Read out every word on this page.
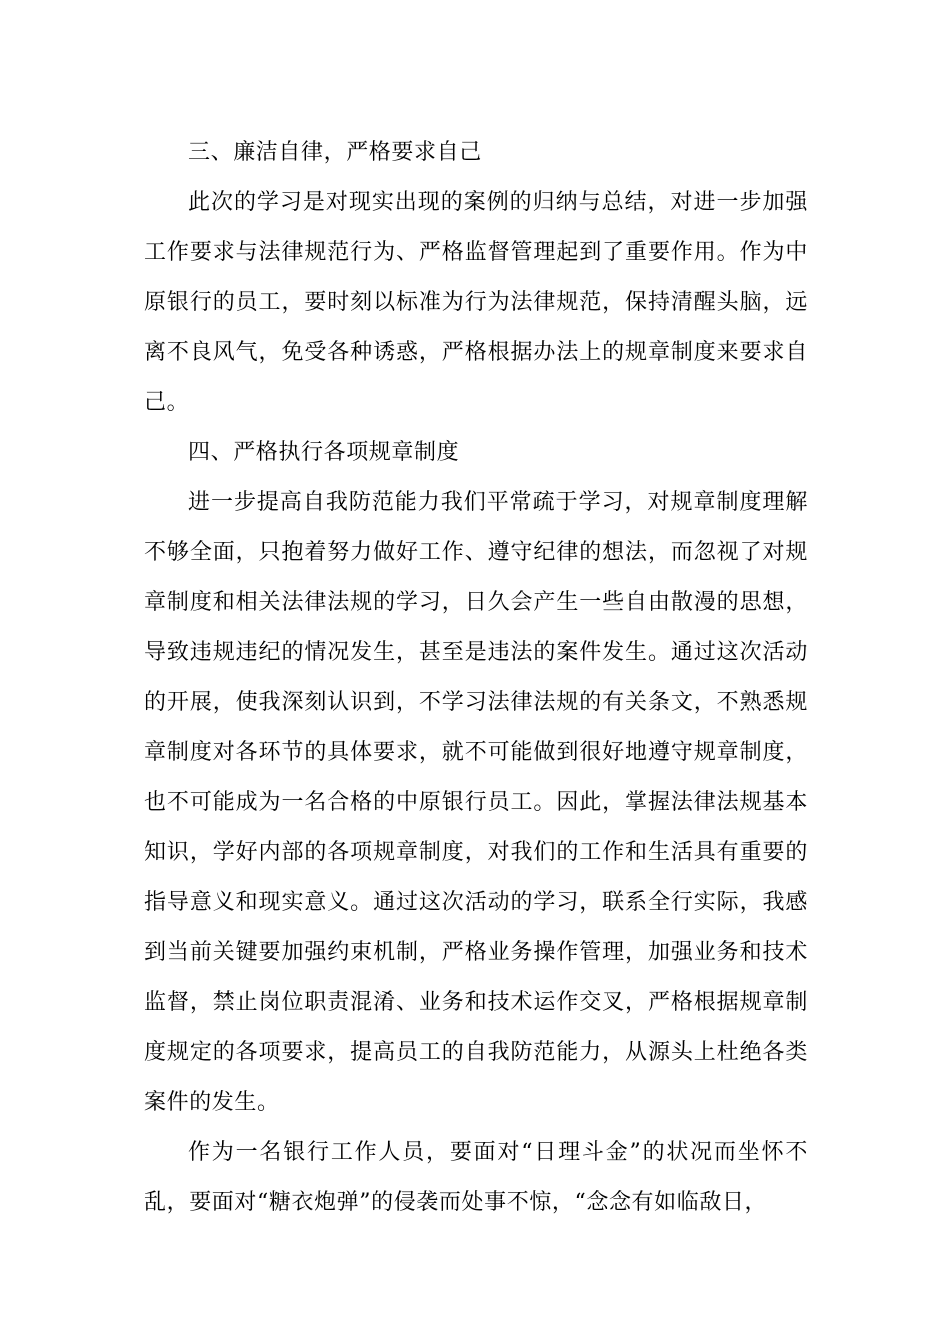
三、廉洁自律，严格要求自己

此次的学习是对现实出现的案例的归纳与总结，对进一步加强工作要求与法律规范行为、严格监督管理起到了重要作用。作为中原银行的员工，要时刻以标准为行为法律规范，保持清醒头脑，远离不良风气，免受各种诱惑，严格根据办法上的规章制度来要求自己。

四、严格执行各项规章制度

进一步提高自我防范能力我们平常疏于学习，对规章制度理解不够全面，只抱着努力做好工作、遵守纪律的想法，而忽视了对规章制度和相关法律法规的学习，日久会产生一些自由散漫的思想，导致违规违纪的情况发生，甚至是违法的案件发生。通过这次活动的开展，使我深刻认识到，不学习法律法规的有关条文，不熟悉规章制度对各环节的具体要求，就不可能做到很好地遵守规章制度，也不可能成为一名合格的中原银行员工。因此，掌握法律法规基本知识，学好内部的各项规章制度，对我们的工作和生活具有重要的指导意义和现实意义。通过这次活动的学习，联系全行实际，我感到当前关键要加强约束机制，严格业务操作管理，加强业务和技术监督，禁止岗位职责混淆、业务和技术运作交叉，严格根据规章制度规定的各项要求，提高员工的自我防范能力，从源头上杜绝各类案件的发生。

作为一名银行工作人员，要面对“日理斗金”的状况而坐怀不乱，要面对“糖衣炮弹”的侵袭而处事不惊，“念念有如临敌日，
